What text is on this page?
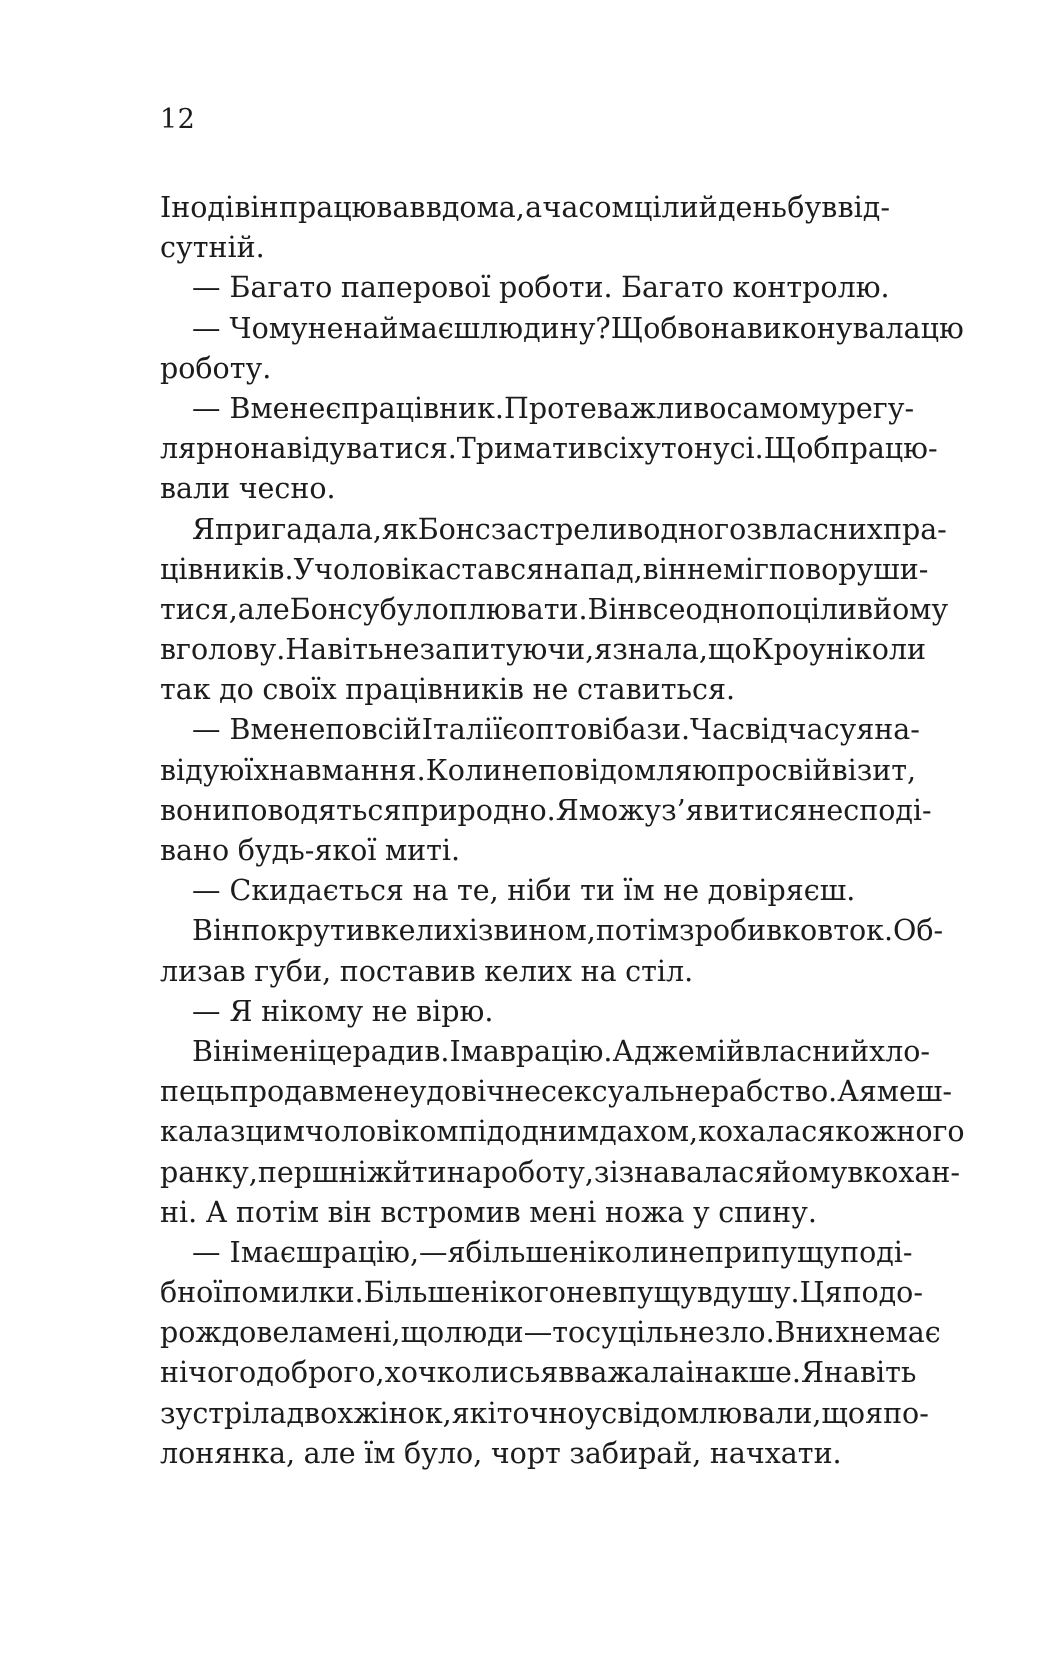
12
Іноді він працював вдома, а часом цілий день був від-
сутній.
— Багато паперової роботи. Багато контролю.
— Чому не наймаєш людину? Щоб вона виконувала цю
роботу.
— В мене є працівник. Проте важливо самому регу-
лярно навідуватися. Тримати всіх у тонусі. Щоб працю-
вали чесно.
Я пригадала, як Бонс застрелив одного з власних пра-
цівників. У чоловіка стався напад, він не міг поворуши-
тися, але Бонсу було плювати. Він все одно поцілив йому
в голову. Навіть не запитуючи, я знала, що Кроу ніколи
так до своїх працівників не ставиться.
— В мене по всій Італії є оптові бази. Час від часу я на-
відую їх навмання. Коли не повідомляю про свій візит,
вони поводяться природно. Я можу з’явитися несподі-
вано будь-якої миті.
— Скидається на те, ніби ти їм не довіряєш.
Він покрутив келих із вином, потім зробив ковток. Об-
лизав губи, поставив келих на стіл.
— Я нікому не вірю.
Він і мені це радив. І мав рацію. Адже мій власний хло-
пець продав мене у довічне сексуальне рабство. А я меш-
кала з цим чоловіком під одним дахом, кохалася кожного
ранку, перш ніж йти на роботу, зізнавалася йому в кохан-
ні. А потім він встромив мені ножа у спину.
— І маєш рацію, — я більше ніколи не припущу поді-
бної помилки. Більше нікого не впущу в душу. Ця подо-
рож довела мені, що люди — то суцільне зло. В них немає
нічого доброго, хоч колись я вважала інакше. Я навіть
зустріла двох жінок, які точно усвідомлювали, що я по-
лонянка, але їм було, чорт забирай, начхати.
